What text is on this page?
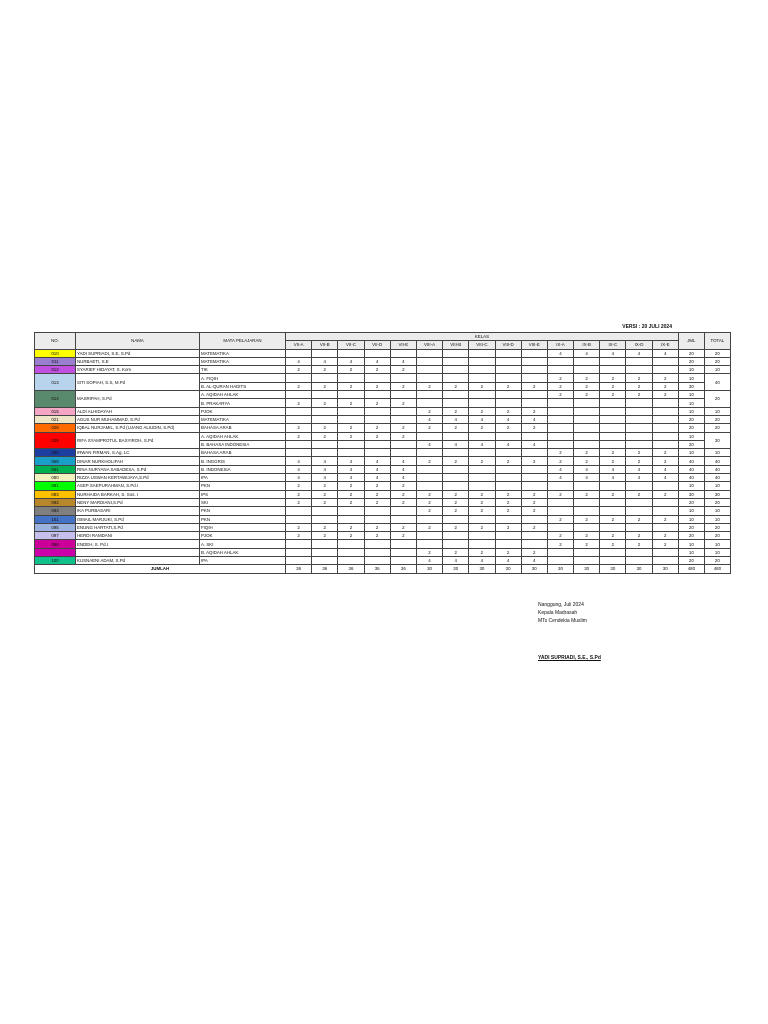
VERSI : 20 JULI 2024
NO.	NAMA	MATA PELAJARAN	KELAS															JML	TOTAL
			VII-A	VII-B	VII-C	VII-D	VII-E	VIII-A	VIII-B	VIII-C	VIII-D	VIII-E	IX-A	IX-B	IX-C	IX-D	IX-E		
010	YADI SUPRIADI, S.E, S.Pd	MATEMATIKA											4	4	4	4	4	20	20
011	NURBAETI, S.E	MATEMATIKA	4	4	4	4	4											20	20
012	SYARIEF HIDAYAT, S. Kom	TIK	2	2	2	2	2											10	10
013	SITI SOPIAH, S.S, M.Pd	A. FIQIH											2	2	2	2	2	10	40
		B. AL-QURAN HADITS	2	2	2	2	2	2	2	2	2	2	2	2	2	2	2	30	
014	MASRIPAH, S.Pd	A. AQIDAH AHLAK											2	2	2	2	2	10	20
		B. PRAKARYA	2	2	2	2	2											10	
015	ALDI ALHIDAYAH	PJOK						2	2	2	2	2						10	10
021	AGUS NUR MUHAMMAD, S.Pd	MATEMATIKA						4	4	4	4	4						20	20
028	IQBAL NURJAMIL, S.Pd (UJANG ALIUDIN, S.Pd)	BAHASA ARAB	2	2	2	2	2	2	2	2	2	2						20	20
029	RIFA SYAMPROTUL BASYIROH, S.Pd	A. AQIDAH AHLAK	2	2	2	2	2											10	30
		B. BAHASA INDONESIA						4	4	4	4	4						20	
050	IRWAN FIRMAN, S.Ag, LC	BAHASA ARAB											2	2	2	2	2	10	10
058	DINAR NURKHOLIFAH	B. INGGRIS	4	4	4	4	4	2	2	2	2	2	2	2	2	2	2	40	40
061	RINA NURYANA SABADESA, S.Pd	B. INDONESIA	4	4	4	4	4						4	4	4	4	4	40	40
080	RIZZA USWAN KERTAWIJAYA,S.Pd	IPA	4	4	4	4	4						4	4	4	4	4	40	40
081	ASEP SAEPURAHMAN, S.Pd.I	PKN	2	2	2	2	2											10	10
083	NURHAIDA BARKAH, S. Sos. I	IPS	2	2	2	2	2	2	2	2	2	2	2	2	2	2	2	30	30
092	NENY MARDIANI,S.Pd	SKI	2	2	2	2	2	2	2	2	2	2						20	20
093	IKA PURBASARI	PKN						2	2	2	2	2						10	10
101	ISMAIL MARJUKI, S.Pd	PKN											2	2	2	2	2	10	10
095	ENUNG HARTATI,S.Pd	FIQIH	2	2	2	2	2	2	2	2	2	2						20	20
097	HERDI RAMDANI	PJOK	2	2	2	2	2						2	2	2	2	2	20	20
098	ENDEH, S. Pd.I	A. SKI											2	2	2	2	2	10	10
		B. AQIDAH AHLAK						2	2	2	2	2						10	10
100	KUSNAENI ADAM, S.Pd	IPA						4	4	4	4	4						20	20
JUMLAH			36	36	36	36	36	30	30	30	30	30	30	30	30	30	30	480	480
Nanggung, Juli 2024
Kepala Madrasah
MTs Cendekia Muslim
YADI SUPRIADI, S.E., S.Pd
